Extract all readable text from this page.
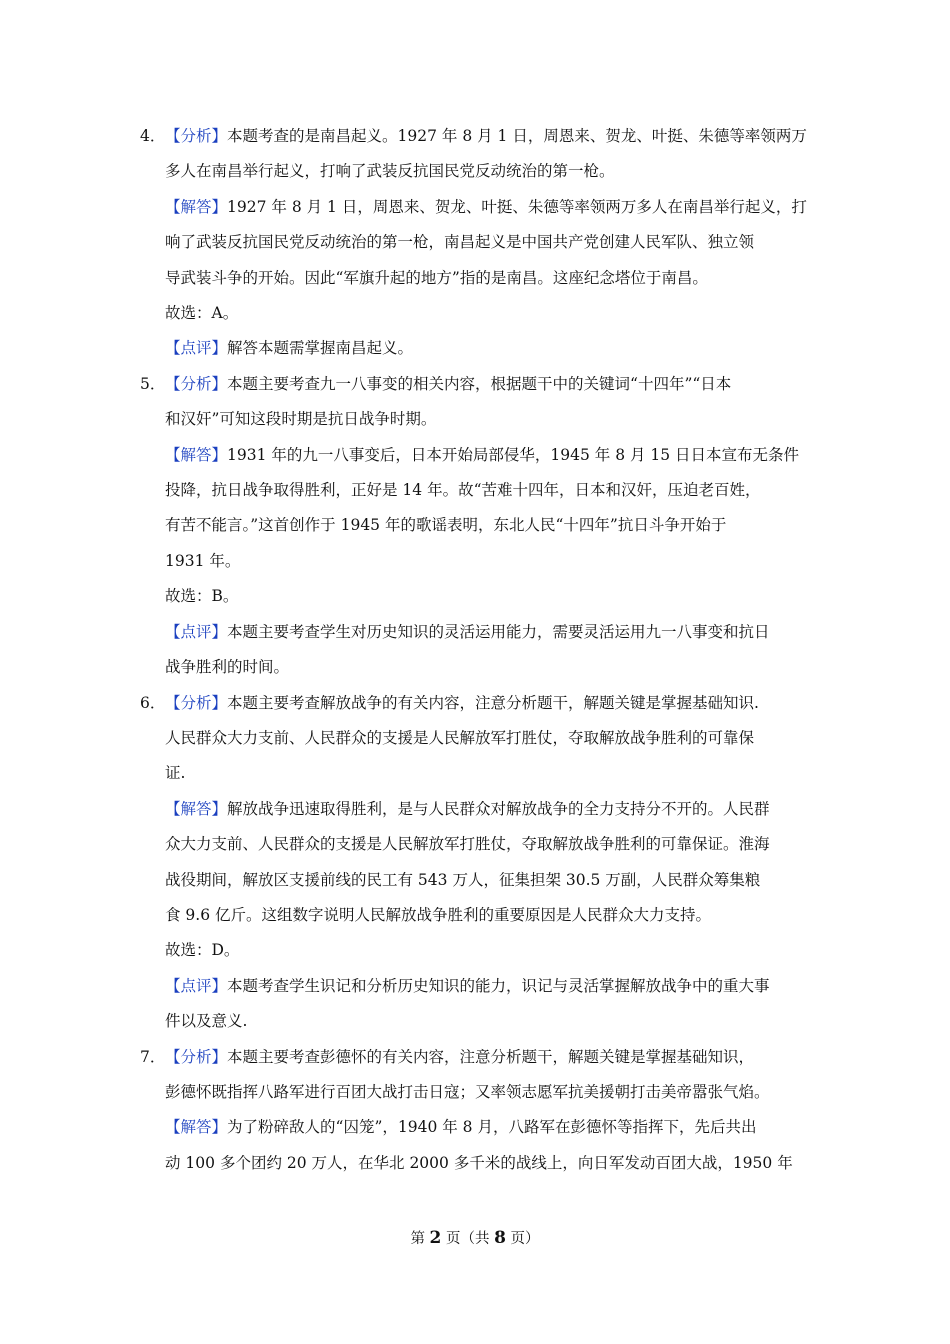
4． 【分析】本题考查的是南昌起义。1927 年 8 月 1 日，周恩来、贺龙、叶挺、朱德等率领两万
多人在南昌举行起义，打响了武装反抗国民党反动统治的第一枪。
【解答】1927 年 8 月 1 日，周恩来、贺龙、叶挺、朱德等率领两万多人在南昌举行起义，打
响了武装反抗国民党反动统治的第一枪，南昌起义是中国共产党创建人民军队、独立领
导武装斗争的开始。因此“军旗升起的地方”指的是南昌。这座纪念塔位于南昌。
故选：A。
【点评】解答本题需掌握南昌起义。
5． 【分析】本题主要考查九一八事变的相关内容，根据题干中的关键词“十四年”“日本
和汉奸”可知这段时期是抗日战争时期。
【解答】1931 年的九一八事变后，日本开始局部侵华，1945 年 8 月 15 日日本宣布无条件
投降，抗日战争取得胜利，正好是 14 年。故“苦难十四年，日本和汉奸，压迫老百姓，
有苦不能言。”这首创作于 1945 年的歌谣表明，东北人民“十四年”抗日斗争开始于
1931 年。
故选：B。
【点评】本题主要考查学生对历史知识的灵活运用能力，需要灵活运用九一八事变和抗日
战争胜利的时间。
6． 【分析】本题主要考查解放战争的有关内容，注意分析题干，解题关键是掌握基础知识.
人民群众大力支前、人民群众的支援是人民解放军打胜仗，夺取解放战争胜利的可靠保
证.
【解答】解放战争迅速取得胜利，是与人民群众对解放战争的全力支持分不开的。人民群
众大力支前、人民群众的支援是人民解放军打胜仗，夺取解放战争胜利的可靠保证。淮海
战役期间，解放区支援前线的民工有 543 万人，征集担架 30.5 万副，人民群众筹集粮
食 9.6 亿斤。这组数字说明人民解放战争胜利的重要原因是人民群众大力支持。
故选：D。
【点评】本题考查学生识记和分析历史知识的能力，识记与灵活掌握解放战争中的重大事
件以及意义.
7． 【分析】本题主要考查彭德怀的有关内容，注意分析题干，解题关键是掌握基础知识，
彭德怀既指挥八路军进行百团大战打击日寇；又率领志愿军抗美援朝打击美帝嚣张气焰。
【解答】为了粉碎敌人的“囚笼”，1940 年 8 月，八路军在彭德怀等指挥下，先后共出
动 100 多个团约 20 万人，在华北 2000 多千米的战线上，向日军发动百团大战，1950 年
第 2 页（共 8 页）
